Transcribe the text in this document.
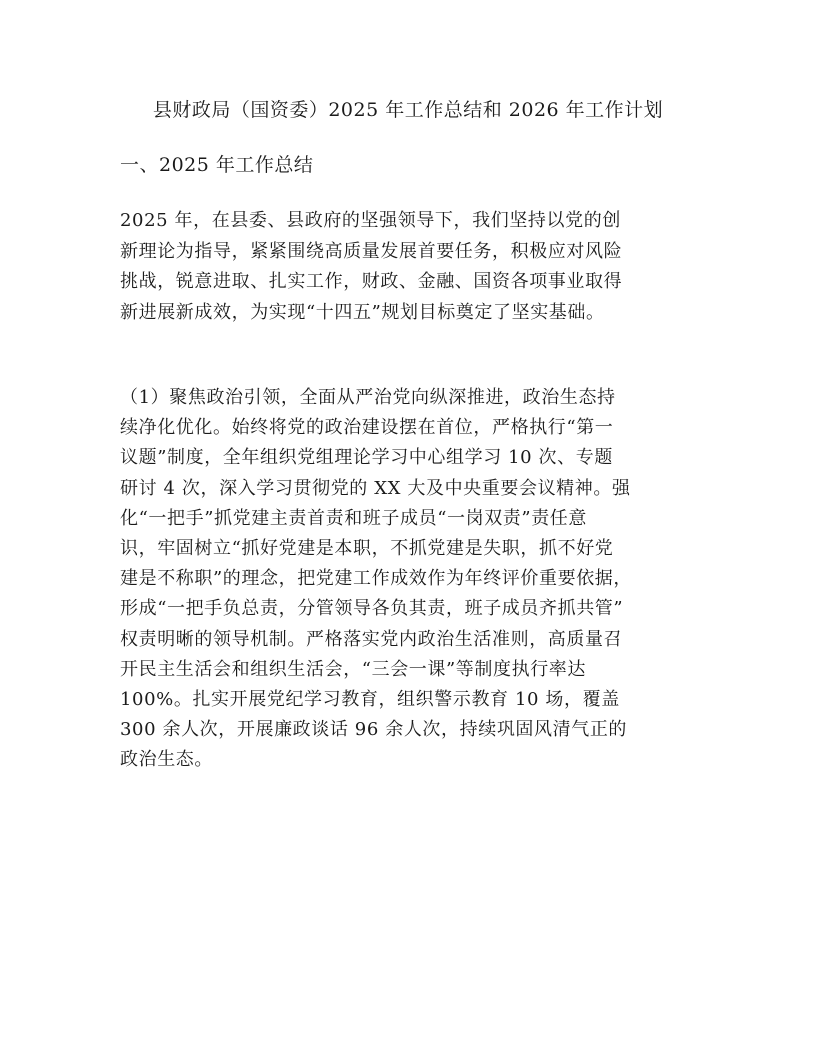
县财政局（国资委）2025 年工作总结和 2026 年工作计划
一、2025 年工作总结

2025 年，在县委、县政府的坚强领导下，我们坚持以党的创
新理论为指导，紧紧围绕高质量发展首要任务，积极应对风险
挑战，锐意进取、扎实工作，财政、金融、国资各项事业取得
新进展新成效，为实现“十四五”规划目标奠定了坚实基础。

（1）聚焦政治引领，全面从严治党向纵深推进，政治生态持
续净化优化。始终将党的政治建设摆在首位，严格执行“第一
议题”制度，全年组织党组理论学习中心组学习 10 次、专题
研讨 4 次，深入学习贯彻党的 XX 大及中央重要会议精神。强
化“一把手”抓党建主责首责和班子成员“一岗双责”责任意
识，牢固树立“抓好党建是本职，不抓党建是失职，抓不好党
建是不称职”的理念，把党建工作成效作为年终评价重要依据，
形成“一把手负总责，分管领导各负其责，班子成员齐抓共管”
权责明晰的领导机制。严格落实党内政治生活准则，高质量召
开民主生活会和组织生活会，“三会一课”等制度执行率达
100%。扎实开展党纪学习教育，组织警示教育 10 场，覆盖
300 余人次，开展廉政谈话 96 余人次，持续巩固风清气正的
政治生态。
